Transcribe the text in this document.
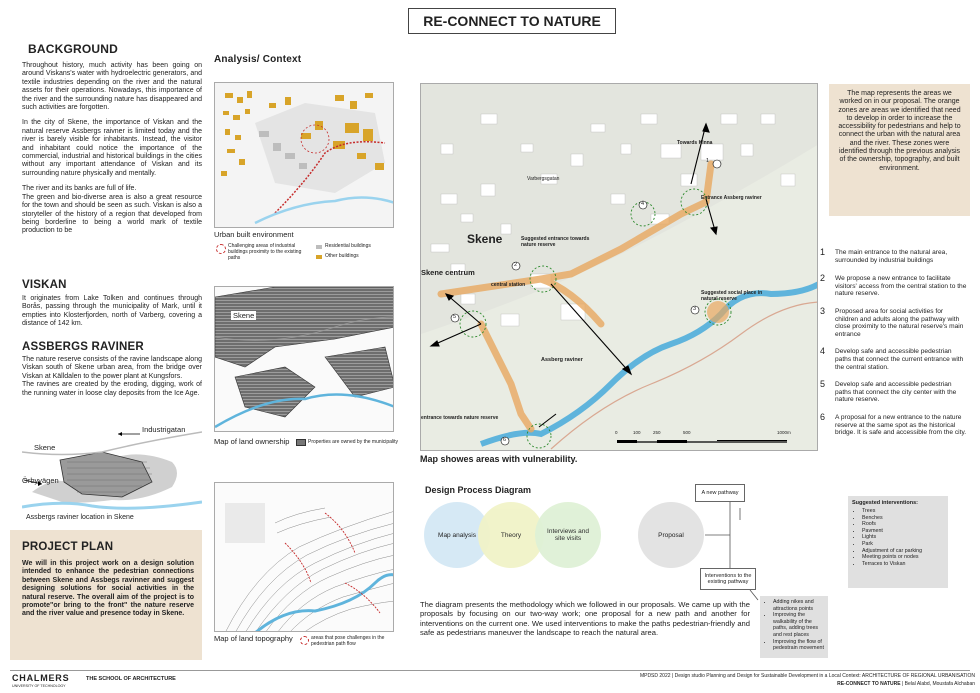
RE-CONNECT TO NATURE
BACKGROUND
Throughout history, much activity has been going on around Viskans's water with hydroelectric generators, and textile industries depending on the river and the natural assets for their operations. Nowadays, this importance of the river and the surrounding nature has disappeared and such activities are forgotten.
In the city of Skene, the importance of Viskan and the natural reserve Assbergs raivner is limited today and the river is barely visible for inhabitants. Instead, the visitor and inhabitant could notice the importance of the commercial, industrial and historical buildings in the cities without any important attendance of Viskan and its surrounding nature physically and mentally.
The river and its banks are full of life.
The green and bio-diverse area is also a great resource for the town and should be seen as such. Viskan is also a storyteller of the history of a region that developed from being borderline to being a world mark of textile production to be
VISKAN
It originates from Lake Tolken and continues through Borås, passing through the municipality of Mark, until it empties into Klosterfjorden, north of Varberg, covering a distance of 142 km.
ASSBERGS RAVINER
The nature reserve consists of the ravine landscape along Viskan south of Skene urban area, from the bridge over Viskan at Källdalen to the power plant at Kungsfors.
The ravines are created by the eroding, digging, work of the running water in loose clay deposits from the Ice Age.
Industrigatan
Skene
Örbyvägen
Assbergs raviner location in Skene
PROJECT PLAN
We will in this project work on a design solution intended to enhance the pedestrian connections between Skene and Assbegs ravinner and suggest designing solutions for social activities in the natural reserve. The overall aim of the project is to promote"or bring to the front" the nature reserve and the river value and presence today in Skene.
Analysis/ Context
Urban built environment
Challenging areas of industrial buildings proximity to the existing paths
Residential buildings
Other buildings
Skene
Map of land ownership	Properties are owned by the municipality
Map of land topography	areas that pose challenges in the pedestrian path flow
1
2
3
4
5
6
Skene
Skene centrum
Towards Kinna
Varbergsgatan
Entrance Assberg raviner
Suggested entrance towards nature reserve
central station
Suggested social place in natural reserve
Assberg raviner
entrance towards nature reserve
0	100	250	500	1000m
Map showes areas with vulnerability.
The map represents the areas we worked on in our proposal. The orange zones are areas we identified that need to develop in order to increase the accessibility for pedestrians and help to connect the urban with the natural area and the river. These zones were identified through the previous analysis of the ownership, topography, and built environment.
1	The main entrance to the natural area, surrounded by industrial buildings
2	We propose a new entrance to facilitate visitors' access from the central station to the nature reserve.
3	Proposed area for social activities for children and adults along the pathway with close proximity to the natural reserve's main entrance
4	Develop safe and accessible pedestrian paths that connect the current entrance with the central station.
5	Develop safe and accessible pedestrian paths that connect the city center with the nature reserve.
6	A proposal for a new entrance to the nature reserve at the same spot as the historical bridge. It is safe and accessible from the city.
Design Process Diagram
Map analysis	Theory	Interviews and site visits	Proposal
A new pathway
Interventions to the existing pathway
Suggested interventions:
• Trees
• Benches
• Roofs
• Pavment
• Lights
• Park
• Adjustment of car parking
• Meeting points or nodes
• Terraces to Viskan
• Adding nikes and attractions points
• Improving the walkability of the paths, adding trees and rest places
• Improving the flow of pedestrain movement
The diagram presents the methodology which we followed in our proposals. We came up with the proposals by focusing on our two-way work; one proposal for a new path and another for interventions on the current one. We used interventions to make the paths pedestrian-friendly and safe as pedestrians maneuver the landscape to reach the natural area.
CHALMERS
UNIVERSITY OF TECHNOLOGY
THE SCHOOL OF ARCHITECTURE	MPDSD 2022 | Design studio Planning and Design for Sustainable Development in a Local Context: ARCHITECTURE OF REGIONAL URBANISATION
RE-CONNECT TO NATURE | Belal Alabd, Moustafa Alchaban
